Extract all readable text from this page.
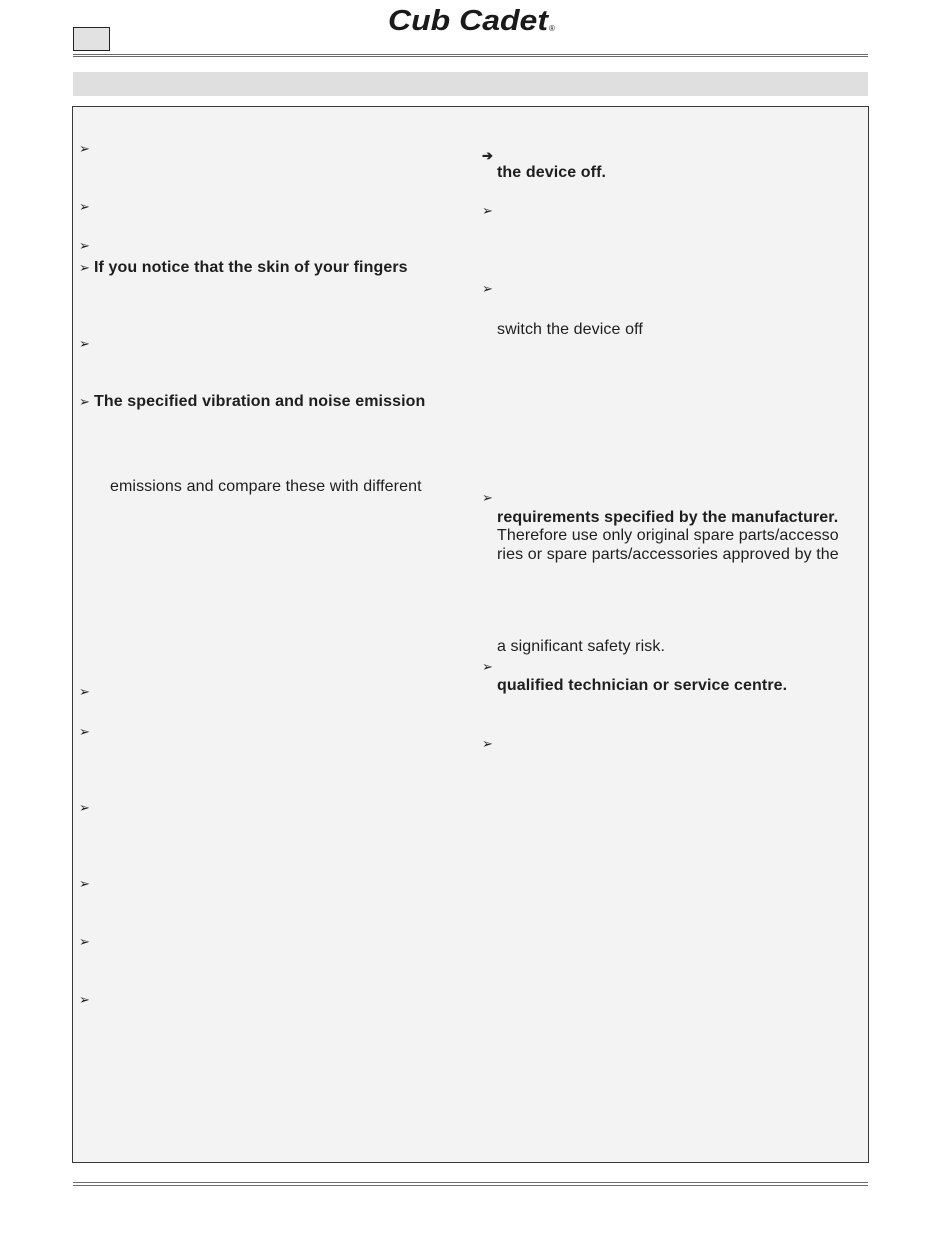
Cub Cadet ®
➢
➢
➢
➢ If you notice that the skin of your fingers
➢
➢ The specified vibration and noise emission
emissions and compare these with different
➢
➢
➢
➢
➢
➢
➔
the device off.
➢
➢
switch the device off
➢
requirements specified by the manufacturer.
Therefore use only original spare parts/accesso
ries or spare parts/accessories approved by the
a significant safety risk.
➢
qualified technician or service centre.
➢
